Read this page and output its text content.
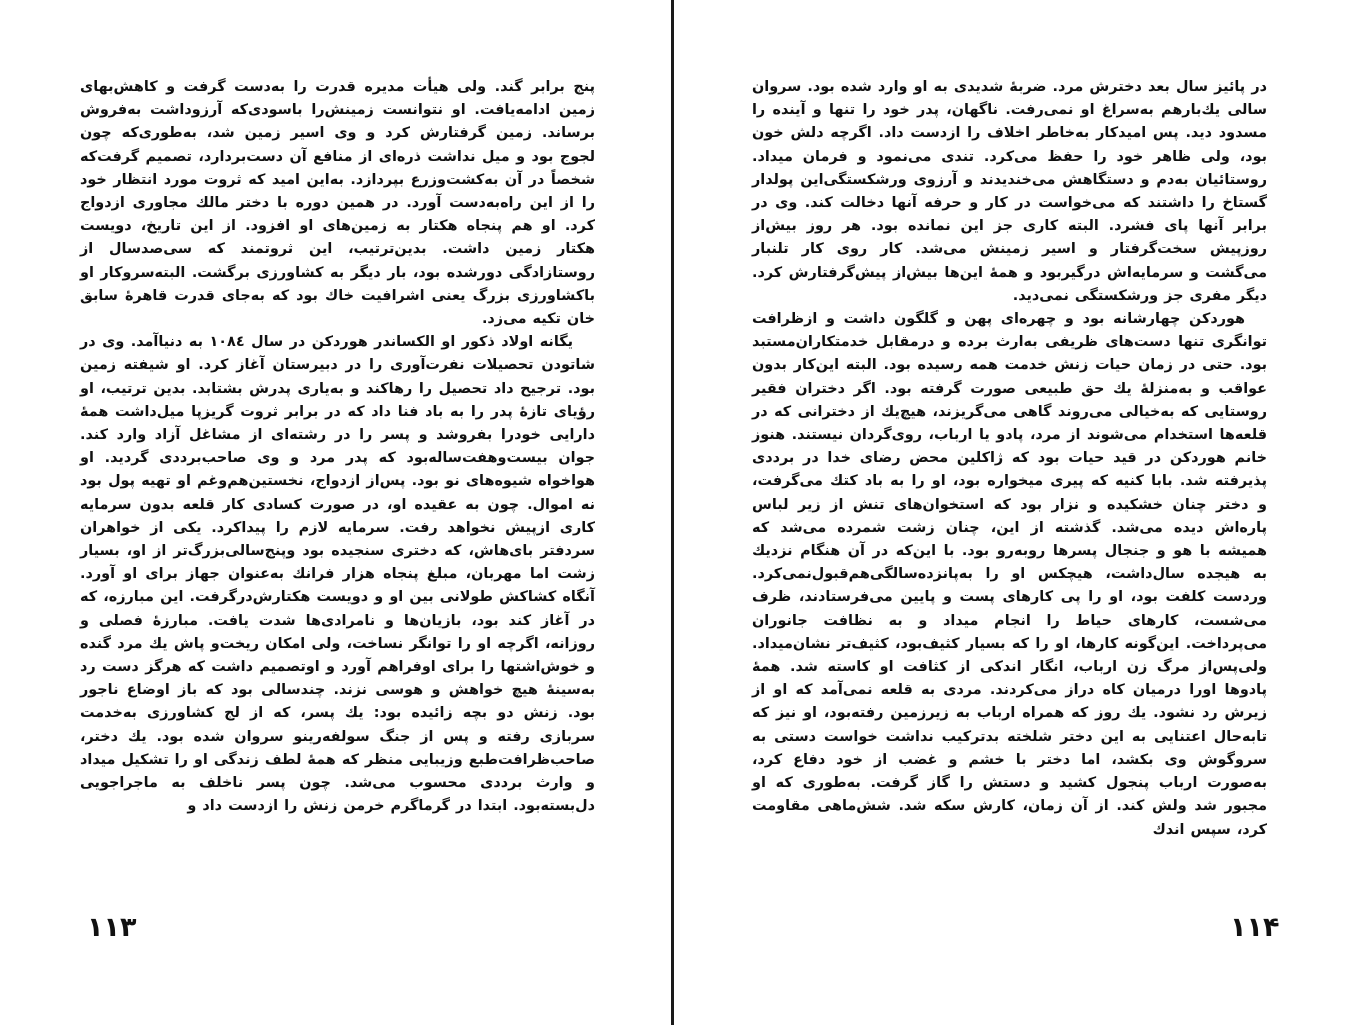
پنج برابر گند. ولی هیأت مدیره قدرت را به‌دست گرفت و کاهش‌بهای زمین ادامه‌یافت. او نتوانست زمینش‌را باسودی‌که آرزوداشت به‌فروش برساند. زمین گرفتارش کرد و وی اسیر زمین شد، به‌طوری‌که چون لجوج بود و میل نداشت ذره‌ای از منافع آن دست‌بردارد، تصمیم گرفت‌که شخصاً در آن به‌کشت‌وزرع بپردازد. به‌این امید که ثروت مورد انتظار خود را از این راه‌به‌دست آورد. در همین دوره با دختر مالك مجاوری ازدواج کرد. او هم پنجاه هکتار به زمین‌های او افزود. از این تاریخ، دویست هکتار زمین داشت. بدین‌ترتیب، این ثروتمند که سی‌صدسال از روستازادگی دورشده بود، بار دیگر به کشاورزی برگشت. البته‌سروکار او باکشاورزی بزرگ یعنی اشرافیت خاك بود که به‌جای قدرت قاهرهٔ سابق خان تکیه می‌زد.

یگانه اولاد ذکور او الکساندر هوردکن در سال ۱۰۸٤ به دنیاآمد. وی در شاتودن تحصیلات نفرت‌آوری را در دبیرستان آغاز کرد. او شیفته زمین بود. ترجیح داد تحصیل را رهاکند و به‌یاری پدرش بشتابد. بدین ترتیب، او رؤیای تازهٔ پدر را به باد فنا داد که در برابر ثروت گریزپا میل‌داشت همهٔ دارایی خودرا بفروشد و پسر را در رشته‌ای از مشاغل آزاد وارد کند. جوان بیست‌وهفت‌ساله‌بود که پدر مرد و وی صاحب‌برددی گردید. او هواخواه شیوه‌های نو بود. پس‌از ازدواج، نخستین‌هم‌وغم او تهیه پول بود نه اموال. چون به عقیده او، در صورت کسادی کار قلعه بدون سرمایه کاری ازپیش نخواهد رفت. سرمایه لازم را پیداکرد. یکی از خواهران سردفتر بای‌هاش، که دختری سنجیده بود وپنج‌سالی‌بزرگ‌تر از او، بسیار زشت اما مهربان، مبلغ پنجاه هزار فرانك به‌عنوان جهاز برای او آورد. آنگاه کشاکش طولانی بین او و دویست هکتارش‌درگرفت. این مبارزه، که در آغاز کند بود، بازیان‌ها و نامرادی‌ها شدت یافت. مبارزهٔ فصلی و روزانه، اگرچه او را توانگر نساخت، ولی امکان ریخت‌و پاش یك مرد گنده و خوش‌اشتها را برای اوفراهم آورد و اوتصمیم داشت که هرگز دست رد به‌سینهٔ هیچ خواهش و هوسی نزند. چندسالی بود که باز اوضاع ناجور بود. زنش دو بچه زائیده بود: یك پسر، که از لج کشاورزی به‌خدمت سربازی رفته و پس از جنگ سولفه‌رینو سروان شده بود. یك دختر، صاحب‌ظرافت‌طبع وزیبایی منظر که همهٔ لطف زندگی او را تشکیل میداد و وارث برددی محسوب می‌شد. چون پسر ناخلف به ماجراجویی دل‌بسته‌بود. ابتدا در گرماگرم خرمن زنش را ازدست داد و

در پائیز سال بعد دخترش مرد. ضربهٔ شدیدی به او وارد شده بود. سروان سالی یك‌بارهم به‌سراغ او نمی‌رفت. ناگهان، پدر خود را تنها و آینده را مسدود دید. پس امیدکار به‌خاطر اخلاف را ازدست داد. اگرچه دلش خون بود، ولی ظاهر خود را حفظ می‌کرد. تندی می‌نمود و فرمان میداد. روستائیان به‌دم و دستگاهش می‌خندیدند و آرزوی ورشکستگی‌این پولدار گستاخ را داشتند که می‌خواست در کار و حرفه آنها دخالت کند. وی در برابر آنها پای فشرد. البته کاری جز این نمانده بود. هر روز بیش‌از روزپیش سخت‌گرفتار و اسیر زمینش می‌شد. کار روی کار تلنبار می‌گشت و سرمایه‌اش درگیربود و همهٔ این‌ها بیش‌از پیش‌گرفتارش کرد. دیگر مفری جز ورشکستگی نمی‌دید.

هوردکن چهارشانه بود و چهره‌ای پهن و گلگون داشت و ازظرافت توانگری تنها دست‌های ظریفی به‌ارث برده و درمقابل خدمتکاران‌مستبد بود. حتی در زمان حیات زنش خدمت همه رسیده بود. البته این‌کار بدون عواقب و به‌منزلهٔ یك حق طبیعی صورت گرفته بود. اگر دختران فقیر روستایی که به‌خیالی می‌روند گاهی می‌گریزند، هیچ‌یك از دخترانی که در قلعه‌ها استخدام می‌شوند از مرد، پادو یا ارباب، روی‌گردان نیستند. هنوز خانم هوردکن در قید حیات بود که ژاکلین محض رضای خدا در برددی پذیرفته شد. بابا کنیه که پیری میخواره بود، او را به باد کتك می‌گرفت، و دختر چنان خشکیده و نزار بود که استخوان‌های تنش از زیر لباس پاره‌اش دیده می‌شد. گذشته از این، چنان زشت شمرده می‌شد که همیشه با هو و جنجال پسرها روبه‌رو بود. با این‌که در آن هنگام نزدیك به هیجده سال‌داشت، هیچکس او را به‌پانزده‌سالگی‌هم‌قبول‌نمی‌کرد. وردست کلفت بود، او را پی کارهای پست و پایین می‌فرستادند، ظرف می‌شست، کارهای حیاط را انجام میداد و به نظافت جانوران می‌پرداخت. این‌گونه کارها، او را که بسیار کثیف‌بود، کثیف‌تر نشان‌میداد. ولی‌پس‌از مرگ زن ارباب، انگار اندکی از کثافت او کاسته شد. همهٔ پادوها اورا درمیان کاه دراز می‌کردند. مردی به قلعه نمی‌آمد که او از زیرش رد نشود. یك روز که همراه ارباب به زیرزمین رفته‌بود، او نیز که تابه‌حال اعتنایی به این دختر شلخته بدترکیب نداشت خواست دستی به سروگوش وی بکشد، اما دختر با خشم و غضب از خود دفاع کرد، به‌صورت ارباب پنجول کشید و دستش را گاز گرفت. به‌طوری که او مجبور شد ولش کند. از آن زمان، کارش سکه شد. شش‌ماهی مقاومت کرد، سپس اندك

۱۱۳	۱۱۴
